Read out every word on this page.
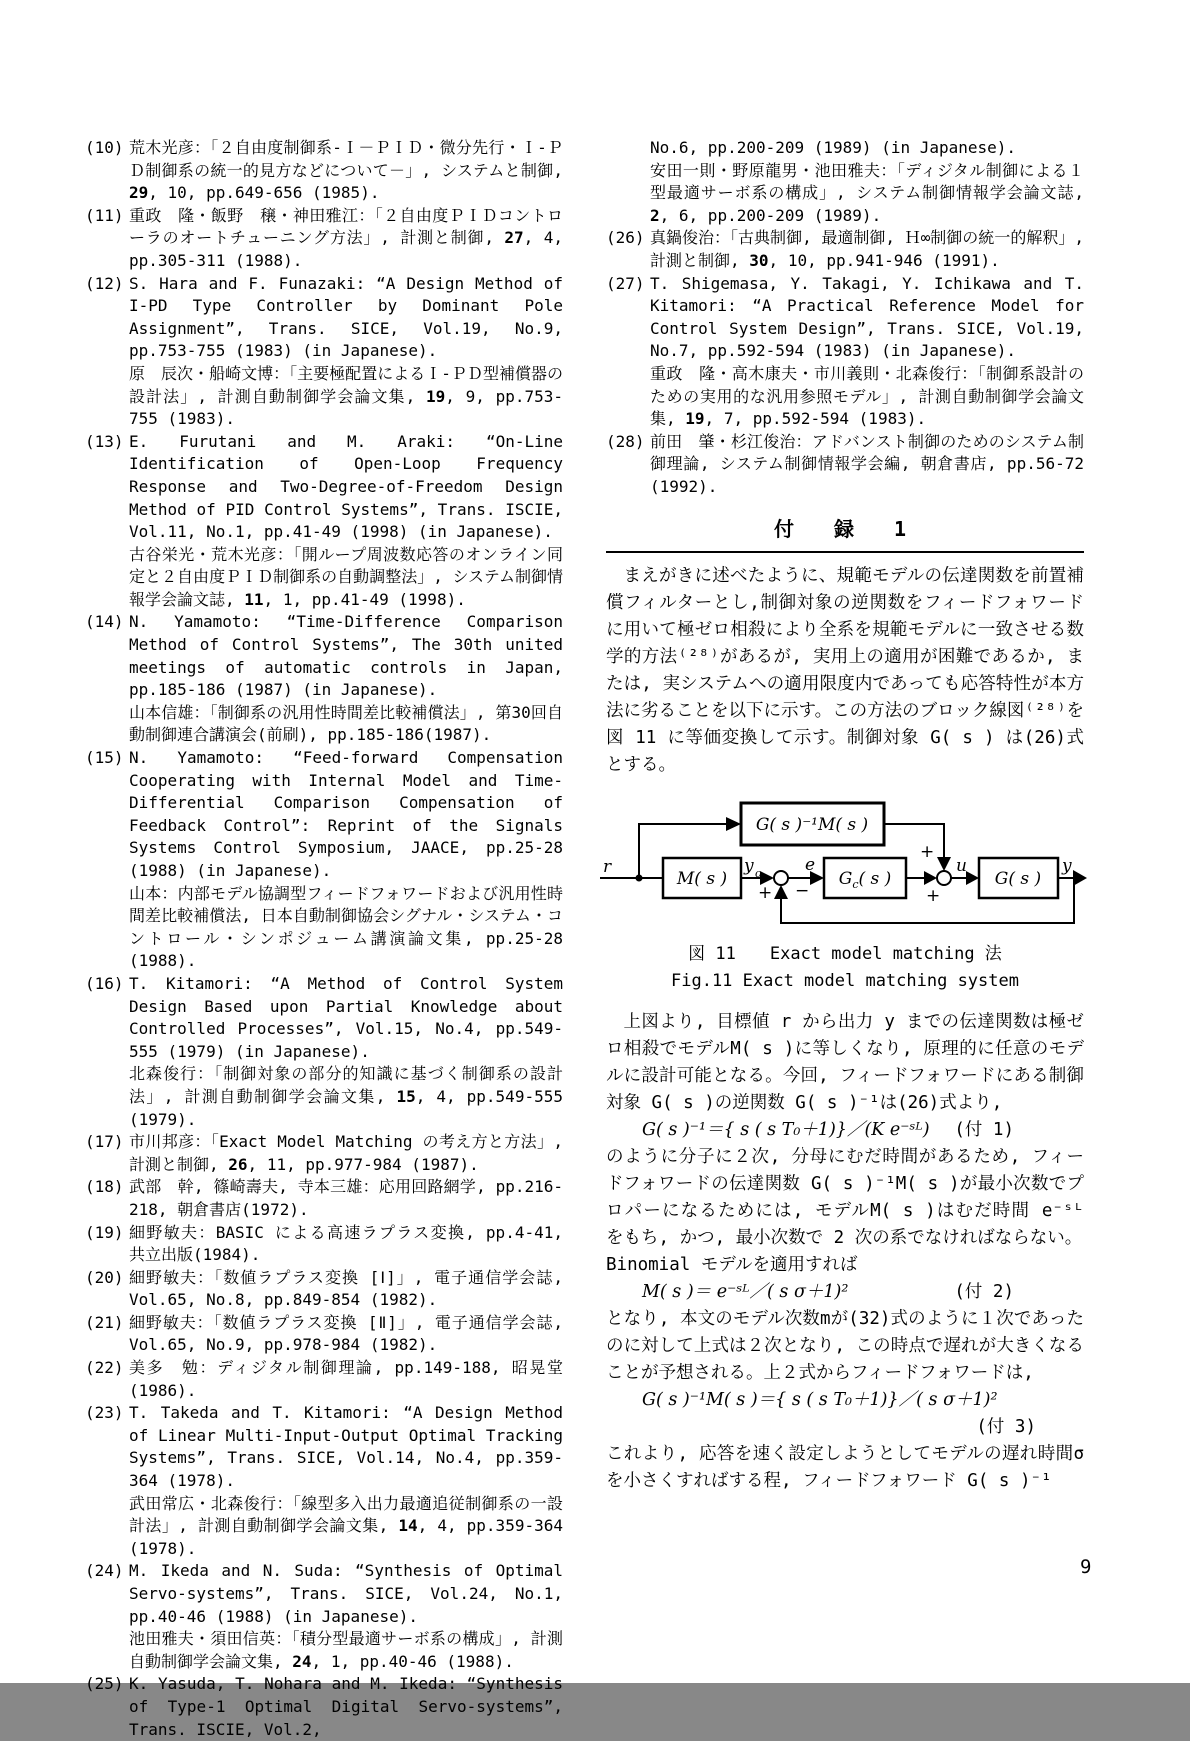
(10) 荒木光彦：「２自由度制御系-Ｉ－ＰＩＤ・微分先行・Ｉ-ＰＤ制御系の統一的見方などについて－」, システムと制御, 29, 10, pp.649-656 (1985).
(11) 重政　隆・飯野　穣・神田雅江：「２自由度ＰＩＤコントローラのオートチューニング方法」, 計測と制御, 27, 4, pp.305-311 (1988).
(12) S. Hara and F. Funazaki: “A Design Method of I-PD Type Controller by Dominant Pole Assignment”, Trans. SICE, Vol.19, No.9, pp.753-755 (1983) (in Japanese).
原　辰次・船崎文博：「主要極配置によるＩ-ＰＤ型補償器の設計法」, 計測自動制御学会論文集, 19, 9, pp.753-755 (1983).
(13) E. Furutani and M. Araki: “On-Line Identification of Open-Loop Frequency Response and Two-Degree-of-Freedom Design Method of PID Control Systems”, Trans. ISCIE, Vol.11, No.1, pp.41-49 (1998) (in Japanese).
古谷栄光・荒木光彦：「開ループ周波数応答のオンライン同定と２自由度ＰＩＤ制御系の自動調整法」, システム制御情報学会論文誌, 11, 1, pp.41-49 (1998).
(14) N. Yamamoto: “Time-Difference Comparison Method of Control Systems”, The 30th united meetings of automatic controls in Japan, pp.185-186 (1987) (in Japanese).
山本信雄：「制御系の汎用性時間差比較補償法」, 第30回自動制御連合講演会(前刷), pp.185-186(1987).
(15) N. Yamamoto: “Feed-forward Compensation Cooperating with Internal Model and Time- Differential Comparison Compensation of Feedback Control”: Reprint of the Signals Systems Control Symposium, JAACE, pp.25-28 (1988) (in Japanese).
山本：内部モデル協調型フィードフォワードおよび汎用性時間差比較補償法, 日本自動制御協会シグナル・システム・コントロール・シンポジューム講演論文集, pp.25-28 (1988).
(16) T. Kitamori: “A Method of Control System Design Based upon Partial Knowledge about Controlled Processes”, Vol.15, No.4, pp.549-555 (1979) (in Japanese).
北森俊行：「制御対象の部分的知識に基づく制御系の設計法」, 計測自動制御学会論文集, 15, 4, pp.549-555 (1979).
(17) 市川邦彦：「Exact Model Matching の考え方と方法」, 計測と制御, 26, 11, pp.977-984 (1987).
(18) 武部　幹, 篠崎壽夫, 寺本三雄：応用回路網学, pp.216-218, 朝倉書店(1972).
(19) 細野敏夫：BASIC による高速ラプラス変換, pp.4-41, 共立出版(1984).
(20) 細野敏夫：「数値ラプラス変換 [Ⅰ]」, 電子通信学会誌, Vol.65, No.8, pp.849-854 (1982).
(21) 細野敏夫：「数値ラプラス変換 [Ⅱ]」, 電子通信学会誌, Vol.65, No.9, pp.978-984 (1982).
(22) 美多　勉：ディジタル制御理論, pp.149-188, 昭晃堂(1986).
(23) T. Takeda and T. Kitamori: “A Design Method of Linear Multi-Input-Output Optimal Tracking Systems”, Trans. SICE, Vol.14, No.4, pp.359-364 (1978).
武田常広・北森俊行：「線型多入出力最適追従制御系の一設計法」, 計測自動制御学会論文集, 14, 4, pp.359-364 (1978).
(24) M. Ikeda and N. Suda: “Synthesis of Optimal Servo-systems”, Trans. SICE, Vol.24, No.1, pp.40-46 (1988) (in Japanese).
池田雅夫・須田信英：「積分型最適サーボ系の構成」, 計測自動制御学会論文集, 24, 1, pp.40-46 (1988).
(25) K. Yasuda, T. Nohara and M. Ikeda: “Synthesis of Type-1 Optimal Digital Servo-systems”, Trans. ISCIE, Vol.2,
No.6, pp.200-209 (1989) (in Japanese).
安田一則・野原龍男・池田雅夫：「ディジタル制御による１型最適サーボ系の構成」, システム制御情報学会論文誌, 2, 6, pp.200-209 (1989).
(26) 真鍋俊治：「古典制御, 最適制御, Ｈ∞制御の統一的解釈」, 計測と制御, 30, 10, pp.941-946 (1991).
(27) T. Shigemasa, Y. Takagi, Y. Ichikawa and T. Kitamori: “A Practical Reference Model for Control System Design”, Trans. SICE, Vol.19, No.7, pp.592-594 (1983) (in Japanese).
重政　隆・高木康夫・市川義則・北森俊行：「制御系設計のための実用的な汎用参照モデル」, 計測自動制御学会論文集, 19, 7, pp.592-594 (1983).
(28) 前田　肇・杉江俊治：アドバンスト制御のためのシステム制御理論, システム制御情報学会編, 朝倉書店, pp.56-72 (1992).
付　録　1
まえがきに述べたように、規範モデルの伝達関数を前置補償フィルターとし,制御対象の逆関数をフィードフォワードに用いて極ゼロ相殺により全系を規範モデルに一致させる数学的方法⁽²⁸⁾があるが, 実用上の適用が困難であるか, または, 実システムへの適用限度内であっても応答特性が本方法に劣ることを以下に示す。この方法のブロック線図⁽²⁸⁾を図 11 に等価変換して示す。制御対象 G( s ) は(26)式とする。
G( s )⁻¹M( s )
M( s )	$G_c$( s )	G( s )
r	y o	e	u	y
+ −
+
+
図 11　　Exact model matching 法
Fig.11 Exact model matching system
上図より, 目標値 r から出力 y までの伝達関数は極ゼロ相殺でモデルM( s )に等しくなり, 原理的に任意のモデルに設計可能となる。今回, フィードフォワードにある制御対象 G( s )の逆関数 G( s )⁻¹は(26)式より,
G( s )⁻¹＝{ s ( s T₀＋1)}／(K e⁻ˢᴸ)	(付 1)
のように分子に２次, 分母にむだ時間があるため, フィードフォワードの伝達関数 G( s )⁻¹M( s )が最小次数でプロパーになるためには, モデルM( s )はむだ時間 e⁻ˢᴸ をもち, かつ, 最小次数で 2 次の系でなければならない。
Binomial モデルを適用すれば
M( s )＝ e⁻ˢᴸ／( s σ＋1)²	(付 2)
となり, 本文のモデル次数mが(32)式のように１次であったのに対して上式は２次となり, この時点で遅れが大きくなることが予想される。上２式からフィードフォワードは,
G( s )⁻¹M( s )＝{ s ( s T₀＋1)}／( s σ＋1)²
(付 3)
これより, 応答を速く設定しようとしてモデルの遅れ時間σを小さくすればする程, フィードフォワード G( s )⁻¹
9
